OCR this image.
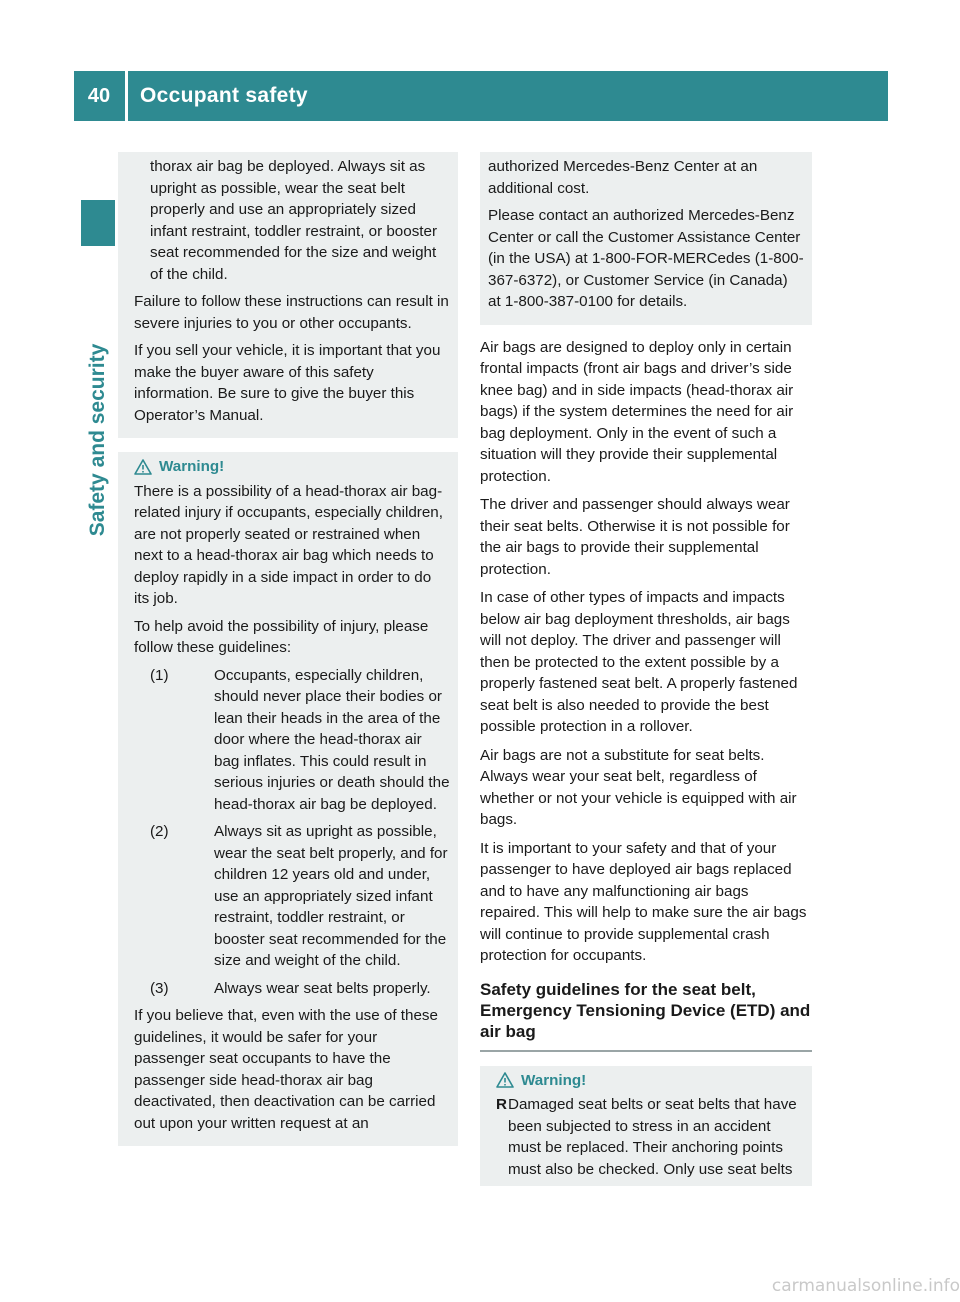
40	Occupant safety
Safety and security

thorax air bag be deployed. Always sit as upright as possible, wear the seat belt properly and use an appropriately sized infant restraint, toddler restraint, or booster seat recommended for the size and weight of the child.

Failure to follow these instructions can result in severe injuries to you or other occupants.

If you sell your vehicle, it is important that you make the buyer aware of this safety information. Be sure to give the buyer this Operator’s Manual.

Warning!

There is a possibility of a head-thorax air bag-related injury if occupants, especially children, are not properly seated or restrained when next to a head-thorax air bag which needs to deploy rapidly in a side impact in order to do its job.

To help avoid the possibility of injury, please follow these guidelines:

(1)	Occupants, especially children, should never place their bodies or lean their heads in the area of the door where the head-thorax air bag inflates. This could result in serious injuries or death should the head-thorax air bag be deployed.
(2)	Always sit as upright as possible, wear the seat belt properly, and for children 12 years old and under, use an appropriately sized infant restraint, toddler restraint, or booster seat recommended for the size and weight of the child.
(3)	Always wear seat belts properly.

If you believe that, even with the use of these guidelines, it would be safer for your passenger seat occupants to have the passenger side head-thorax air bag deactivated, then deactivation can be carried out upon your written request at an

authorized Mercedes-Benz Center at an additional cost.

Please contact an authorized Mercedes-Benz Center or call the Customer Assistance Center (in the USA) at 1-800-FOR-MERCedes (1-800-367-6372), or Customer Service (in Canada) at 1-800-387-0100 for details.

Air bags are designed to deploy only in certain frontal impacts (front air bags and driver’s side knee bag) and in side impacts (head-thorax air bags) if the system determines the need for air bag deployment. Only in the event of such a situation will they provide their supplemental protection.

The driver and passenger should always wear their seat belts. Otherwise it is not possible for the air bags to provide their supplemental protection.

In case of other types of impacts and impacts below air bag deployment thresholds, air bags will not deploy. The driver and passenger will then be protected to the extent possible by a properly fastened seat belt. A properly fastened seat belt is also needed to provide the best possible protection in a rollover.

Air bags are not a substitute for seat belts. Always wear your seat belt, regardless of whether or not your vehicle is equipped with air bags.

It is important to your safety and that of your passenger to have deployed air bags replaced and to have any malfunctioning air bags repaired. This will help to make sure the air bags will continue to provide supplemental crash protection for occupants.

Safety guidelines for the seat belt, Emergency Tensioning Device (ETD) and air bag
Warning!
R Damaged seat belts or seat belts that have been subjected to stress in an accident must be replaced. Their anchoring points must also be checked. Only use seat belts
carmanualsonline.info
